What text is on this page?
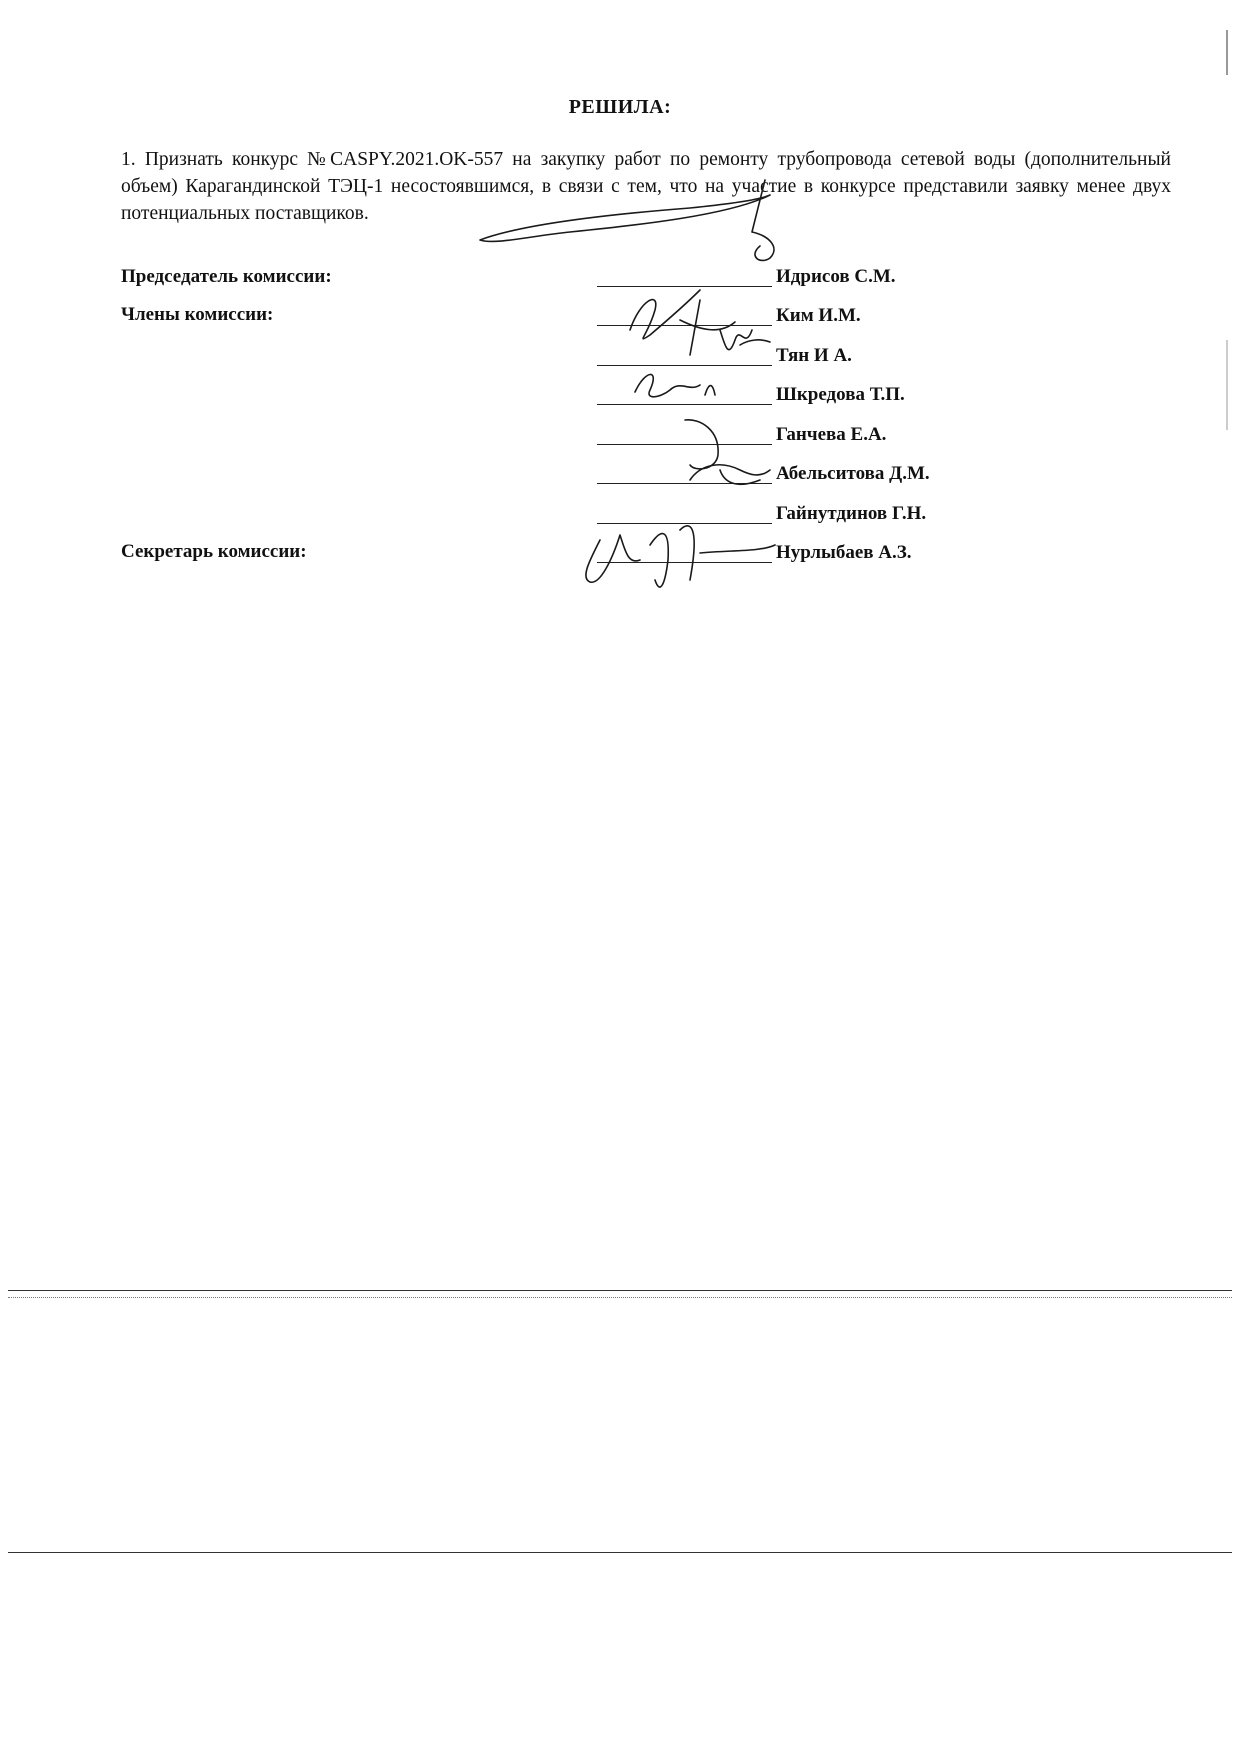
РЕШИЛА:
1. Признать конкурс №CASPY.2021.OK-557 на закупку работ по ремонту трубопровода сетевой воды (дополнительный объем) Карагандинской ТЭЦ-1 несостоявшимся, в связи с тем, что на участие в конкурсе представили заявку менее двух потенциальных поставщиков.
Председатель комиссии:
Члены комиссии:
Секретарь комиссии:
Идрисов С.М.
Ким И.М.
Тян И А.
Шкредова Т.П.
Ганчева Е.А.
Абельситова Д.М.
Гайнутдинов Г.Н.
Нурлыбаев А.З.
